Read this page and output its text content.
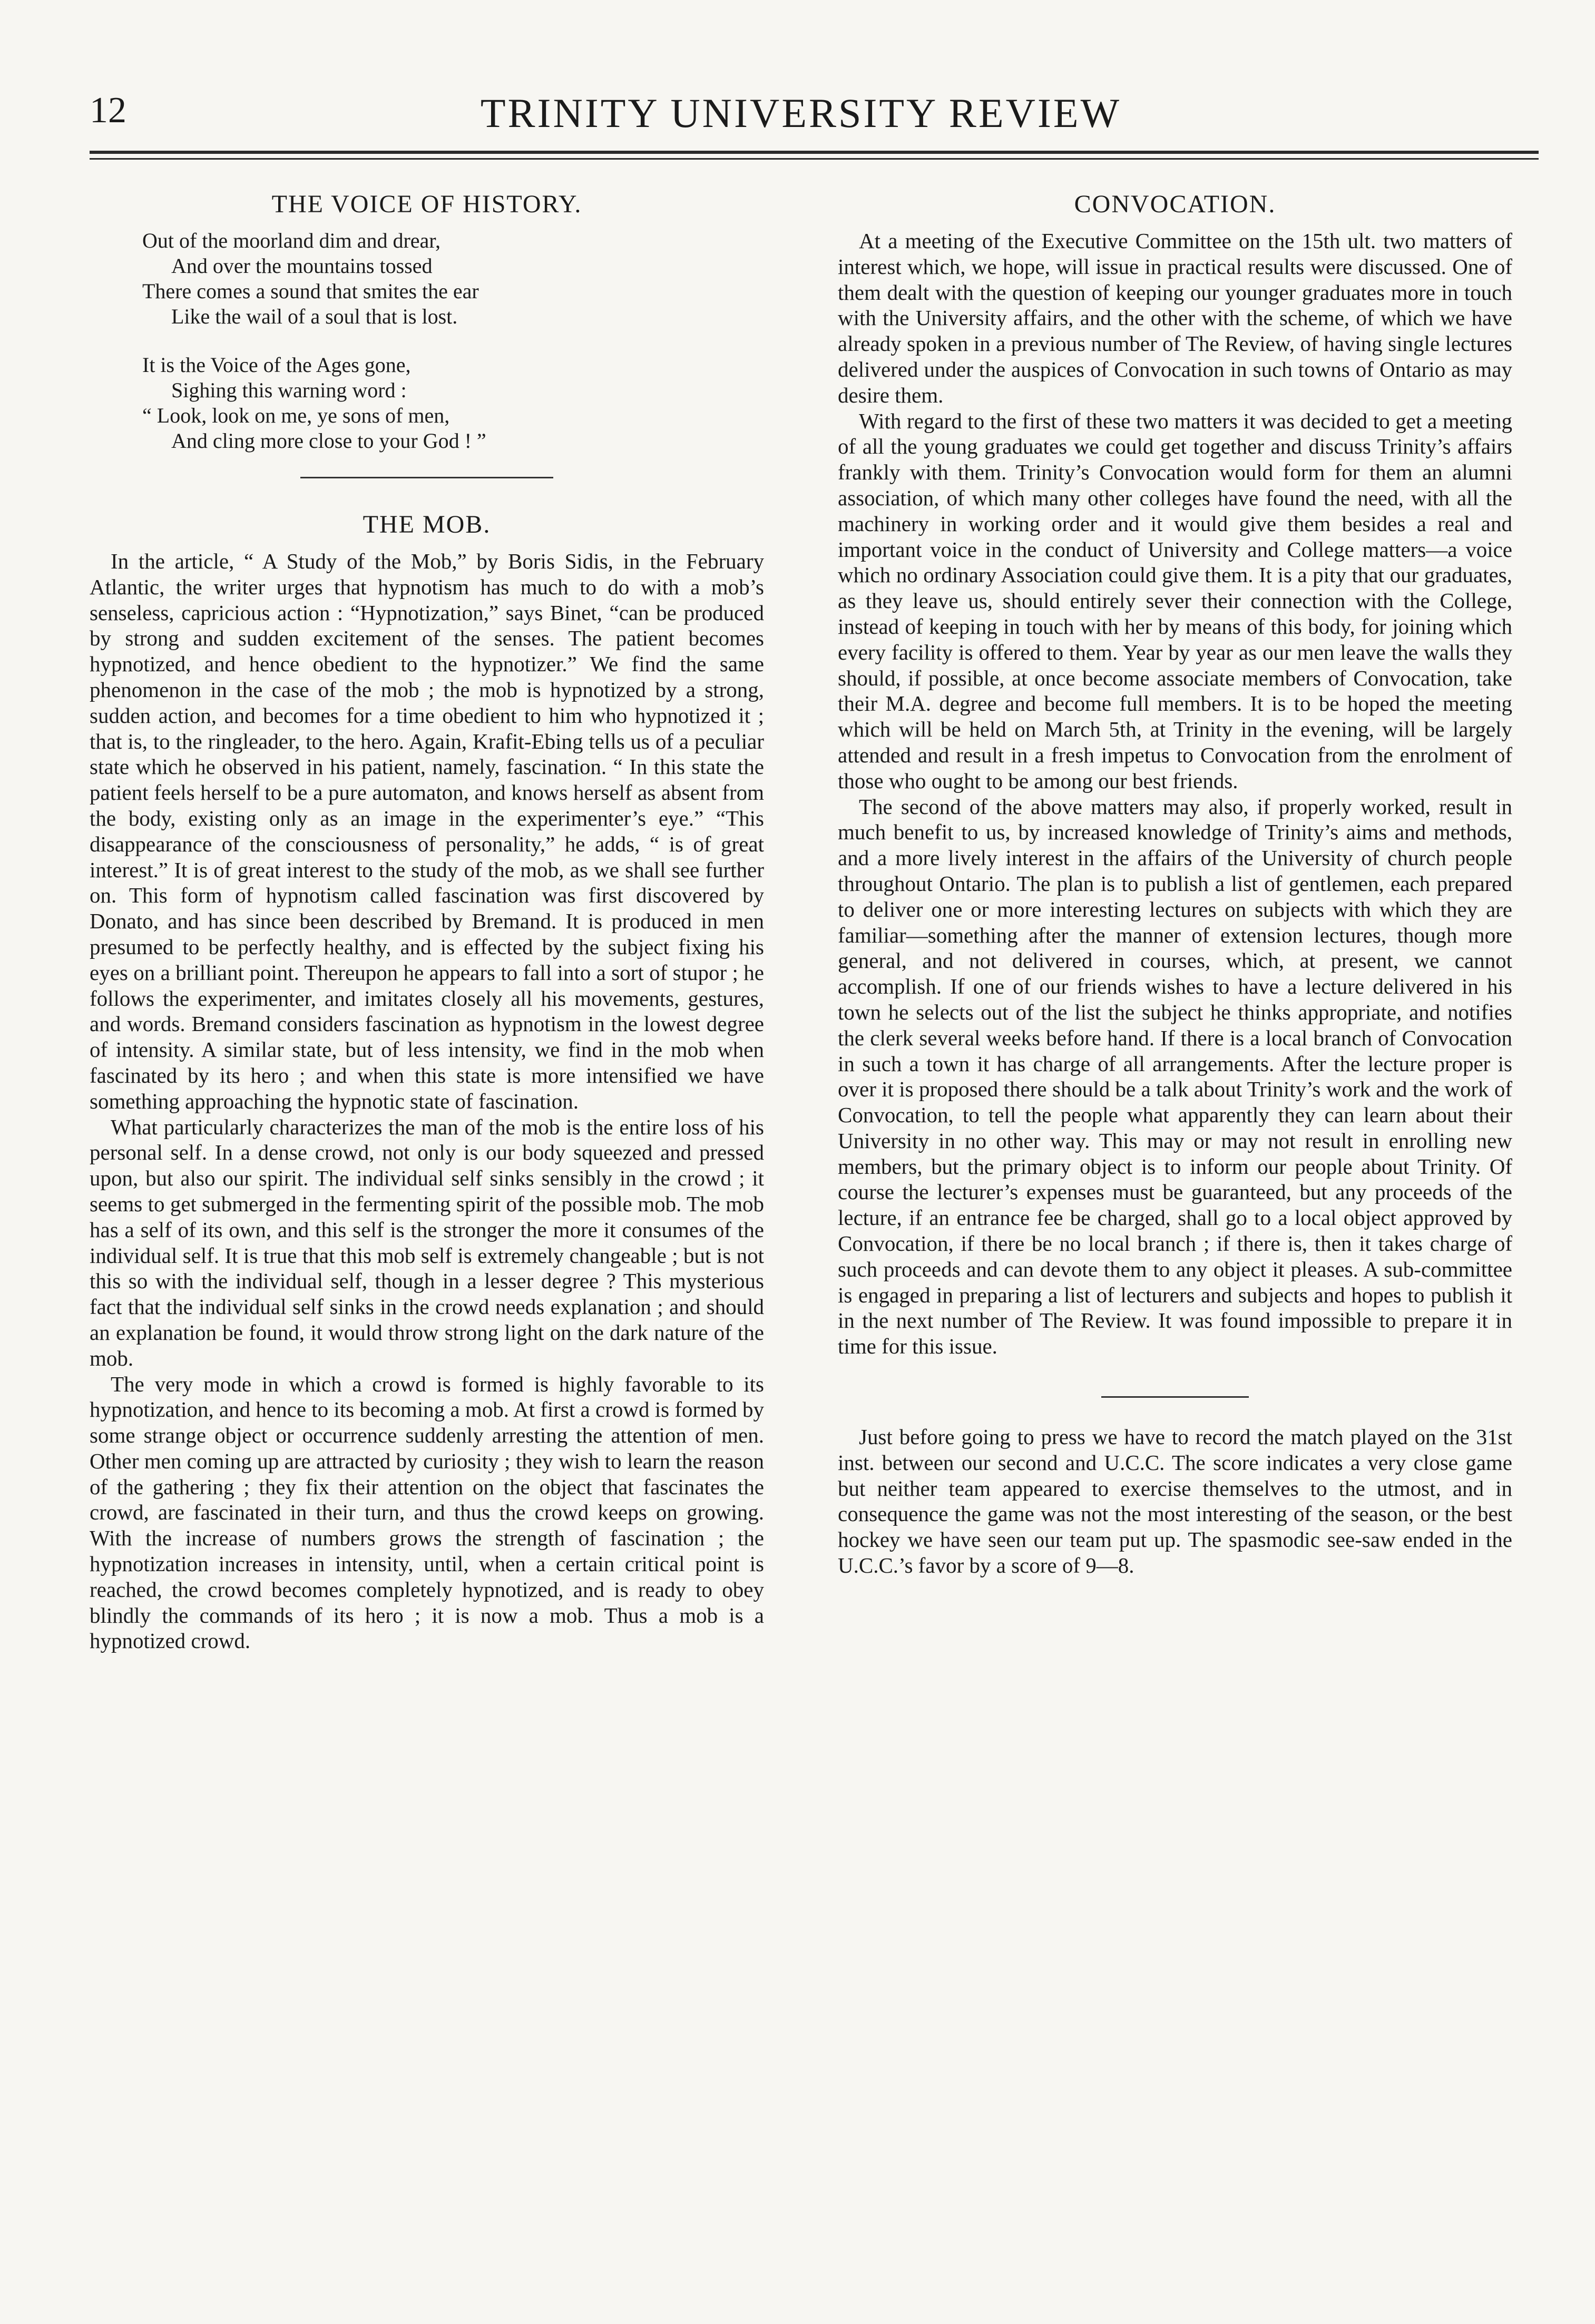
12	TRINITY UNIVERSITY REVIEW
THE VOICE OF HISTORY.
Out of the moorland dim and drear,
And over the mountains tossed
There comes a sound that smites the ear
Like the wail of a soul that is lost.
It is the Voice of the Ages gone,
Sighing this warning word :
“ Look, look on me, ye sons of men,
And cling more close to your God ! ”
THE MOB.

In the article, “ A Study of the Mob,” by Boris Sidis, in the February Atlantic, the writer urges that hypnotism has much to do with a mob’s senseless, capricious action : “Hypnotization,” says Binet, “can be produced by strong and sudden excitement of the senses. The patient becomes hypnotized, and hence obedient to the hypnotizer.” We find the same phenomenon in the case of the mob ; the mob is hypnotized by a strong, sudden action, and becomes for a time obedient to him who hypnotized it ; that is, to the ringleader, to the hero. Again, Krafit-Ebing tells us of a peculiar state which he observed in his patient, namely, fascination. “ In this state the patient feels herself to be a pure automaton, and knows herself as absent from the body, existing only as an image in the experimenter’s eye.” “This disappearance of the consciousness of personality,” he adds, “ is of great interest.” It is of great interest to the study of the mob, as we shall see further on. This form of hypnotism called fascination was first discovered by Donato, and has since been described by Bremand. It is produced in men presumed to be perfectly healthy, and is effected by the subject fixing his eyes on a brilliant point. Thereupon he appears to fall into a sort of stupor ; he follows the experimenter, and imitates closely all his movements, gestures, and words. Bremand considers fascination as hypnotism in the lowest degree of intensity. A similar state, but of less intensity, we find in the mob when fascinated by its hero ; and when this state is more intensified we have something approaching the hypnotic state of fascination.

What particularly characterizes the man of the mob is the entire loss of his personal self. In a dense crowd, not only is our body squeezed and pressed upon, but also our spirit. The individual self sinks sensibly in the crowd ; it seems to get submerged in the fermenting spirit of the possible mob. The mob has a self of its own, and this self is the stronger the more it consumes of the individual self. It is true that this mob self is extremely changeable ; but is not this so with the individual self, though in a lesser degree ? This mysterious fact that the individual self sinks in the crowd needs explanation ; and should an explanation be found, it would throw strong light on the dark nature of the mob.

The very mode in which a crowd is formed is highly favorable to its hypnotization, and hence to its becoming a mob. At first a crowd is formed by some strange object or occurrence suddenly arresting the attention of men. Other men coming up are attracted by curiosity ; they wish to learn the reason of the gathering ; they fix their attention on the object that fascinates the crowd, are fascinated in their turn, and thus the crowd keeps on growing. With the increase of numbers grows the strength of fascination ; the hypnotization increases in intensity, until, when a certain critical point is reached, the crowd becomes completely hypnotized, and is ready to obey blindly the commands of its hero ; it is now a mob. Thus a mob is a hypnotized crowd.

CONVOCATION.

At a meeting of the Executive Committee on the 15th ult. two matters of interest which, we hope, will issue in practical results were discussed. One of them dealt with the question of keeping our younger graduates more in touch with the University affairs, and the other with the scheme, of which we have already spoken in a previous number of The Review, of having single lectures delivered under the auspices of Convocation in such towns of Ontario as may desire them.

With regard to the first of these two matters it was decided to get a meeting of all the young graduates we could get together and discuss Trinity’s affairs frankly with them. Trinity’s Convocation would form for them an alumni association, of which many other colleges have found the need, with all the machinery in working order and it would give them besides a real and important voice in the conduct of University and College matters—a voice which no ordinary Association could give them. It is a pity that our graduates, as they leave us, should entirely sever their connection with the College, instead of keeping in touch with her by means of this body, for joining which every facility is offered to them. Year by year as our men leave the walls they should, if possible, at once become associate members of Convocation, take their M.A. degree and become full members. It is to be hoped the meeting which will be held on March 5th, at Trinity in the evening, will be largely attended and result in a fresh impetus to Convocation from the enrolment of those who ought to be among our best friends.

The second of the above matters may also, if properly worked, result in much benefit to us, by increased knowledge of Trinity’s aims and methods, and a more lively interest in the affairs of the University of church people throughout Ontario. The plan is to publish a list of gentlemen, each prepared to deliver one or more interesting lectures on subjects with which they are familiar—something after the manner of extension lectures, though more general, and not delivered in courses, which, at present, we cannot accomplish. If one of our friends wishes to have a lecture delivered in his town he selects out of the list the subject he thinks appropriate, and notifies the clerk several weeks before hand. If there is a local branch of Convocation in such a town it has charge of all arrangements. After the lecture proper is over it is proposed there should be a talk about Trinity’s work and the work of Convocation, to tell the people what apparently they can learn about their University in no other way. This may or may not result in enrolling new members, but the primary object is to inform our people about Trinity. Of course the lecturer’s expenses must be guaranteed, but any proceeds of the lecture, if an entrance fee be charged, shall go to a local object approved by Convocation, if there be no local branch ; if there is, then it takes charge of such proceeds and can devote them to any object it pleases. A sub-committee is engaged in preparing a list of lecturers and subjects and hopes to publish it in the next number of The Review. It was found impossible to prepare it in time for this issue.

Just before going to press we have to record the match played on the 31st inst. between our second and U.C.C. The score indicates a very close game but neither team appeared to exercise themselves to the utmost, and in consequence the game was not the most interesting of the season, or the best hockey we have seen our team put up. The spasmodic see-saw ended in the U.C.C.’s favor by a score of 9—8.
